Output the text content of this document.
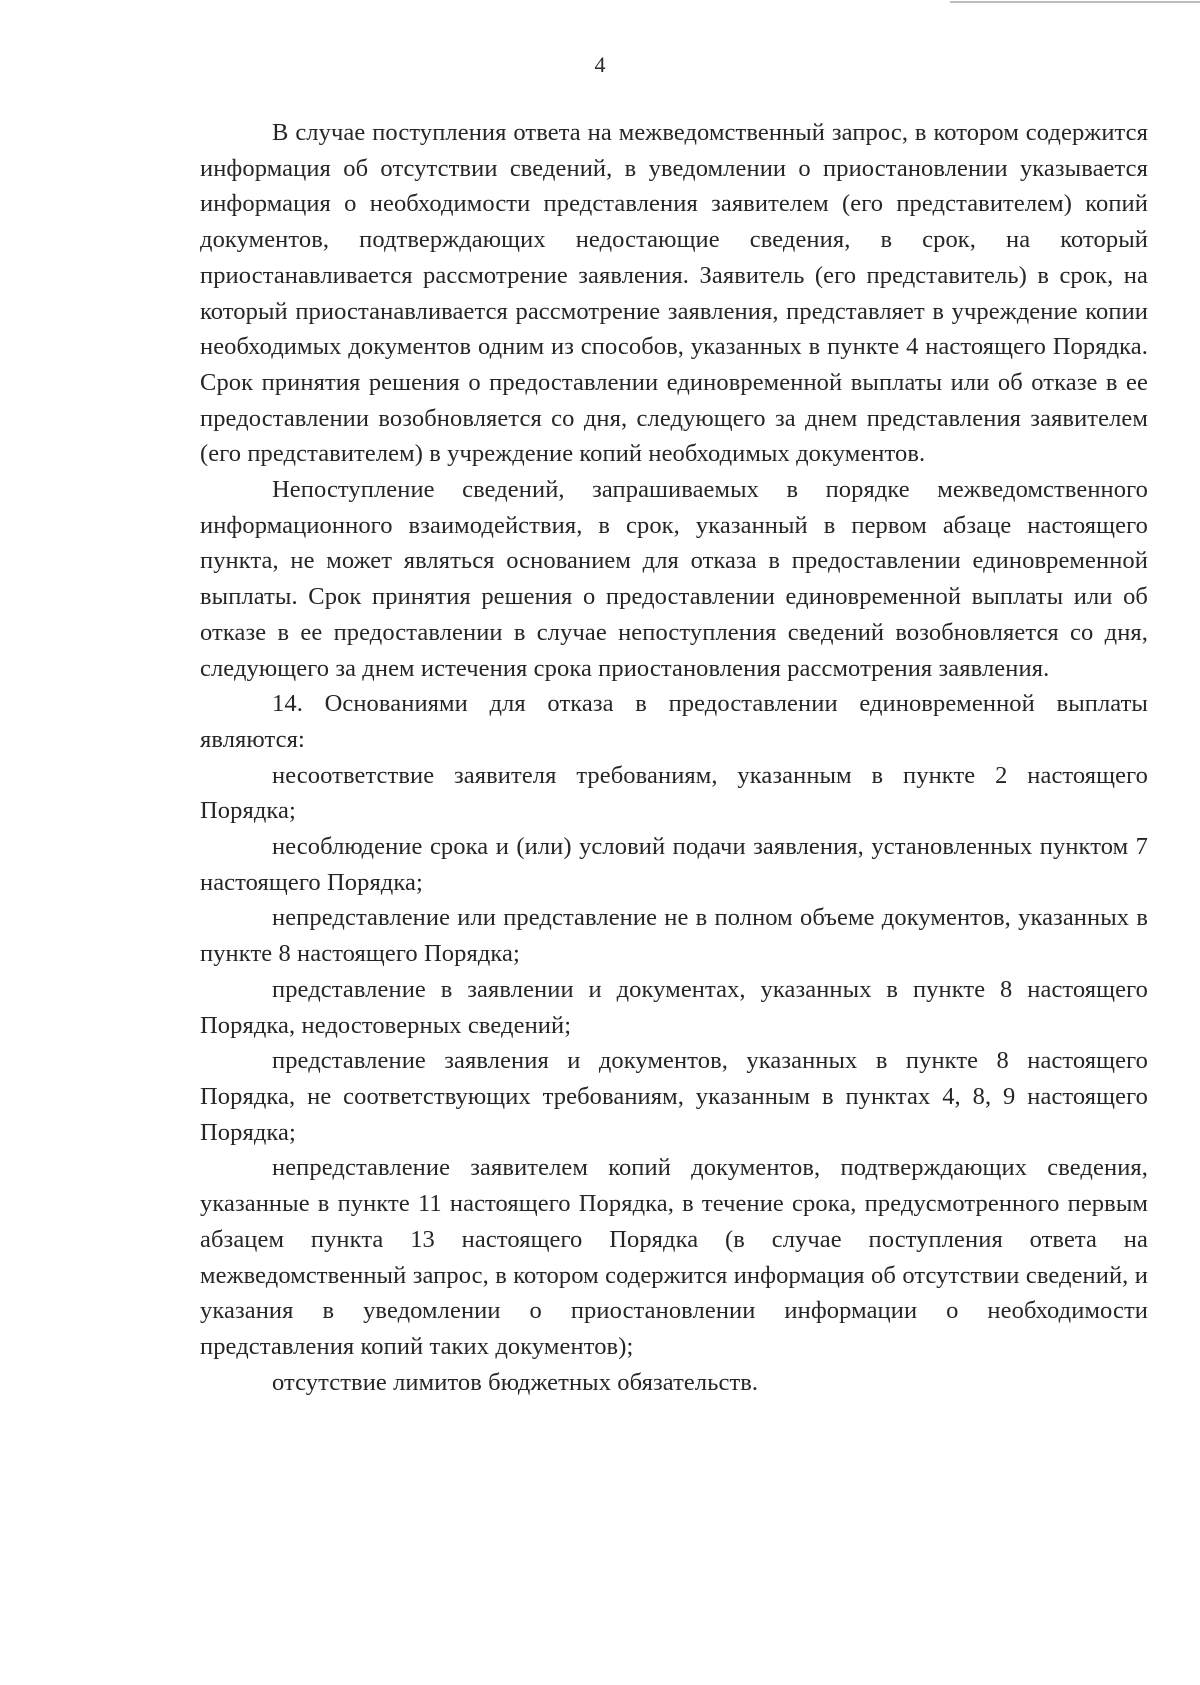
4

В случае поступления ответа на межведомственный запрос, в котором содержится информация об отсутствии сведений, в уведомлении о приостановлении указывается информация о необходимости представления заявителем (его представителем) копий документов, подтверждающих недостающие сведения, в срок, на который приостанавливается рассмотрение заявления. Заявитель (его представитель) в срок, на который приостанавливается рассмотрение заявления, представляет в учреждение копии необходимых документов одним из способов, указанных в пункте 4 настоящего Порядка. Срок принятия решения о предоставлении единовременной выплаты или об отказе в ее предоставлении возобновляется со дня, следующего за днем представления заявителем (его представителем) в учреждение копий необходимых документов.

Непоступление сведений, запрашиваемых в порядке межведомственного информационного взаимодействия, в срок, указанный в первом абзаце настоящего пункта, не может являться основанием для отказа в предоставлении единовременной выплаты. Срок принятия решения о предоставлении единовременной выплаты или об отказе в ее предоставлении в случае непоступления сведений возобновляется со дня, следующего за днем истечения срока приостановления рассмотрения заявления.

14. Основаниями для отказа в предоставлении единовременной выплаты являются:

несоответствие заявителя требованиям, указанным в пункте 2 настоящего Порядка;

несоблюдение срока и (или) условий подачи заявления, установленных пунктом 7 настоящего Порядка;

непредставление или представление не в полном объеме документов, указанных в пункте 8 настоящего Порядка;

представление в заявлении и документах, указанных в пункте 8 настоящего Порядка, недостоверных сведений;

представление заявления и документов, указанных в пункте 8 настоящего Порядка, не соответствующих требованиям, указанным в пунктах 4, 8, 9 настоящего Порядка;

непредставление заявителем копий документов, подтверждающих сведения, указанные в пункте 11 настоящего Порядка, в течение срока, предусмотренного первым абзацем пункта 13 настоящего Порядка (в случае поступления ответа на межведомственный запрос, в котором содержится информация об отсутствии сведений, и указания в уведомлении о приостановлении информации о необходимости представления копий таких документов);

отсутствие лимитов бюджетных обязательств.
